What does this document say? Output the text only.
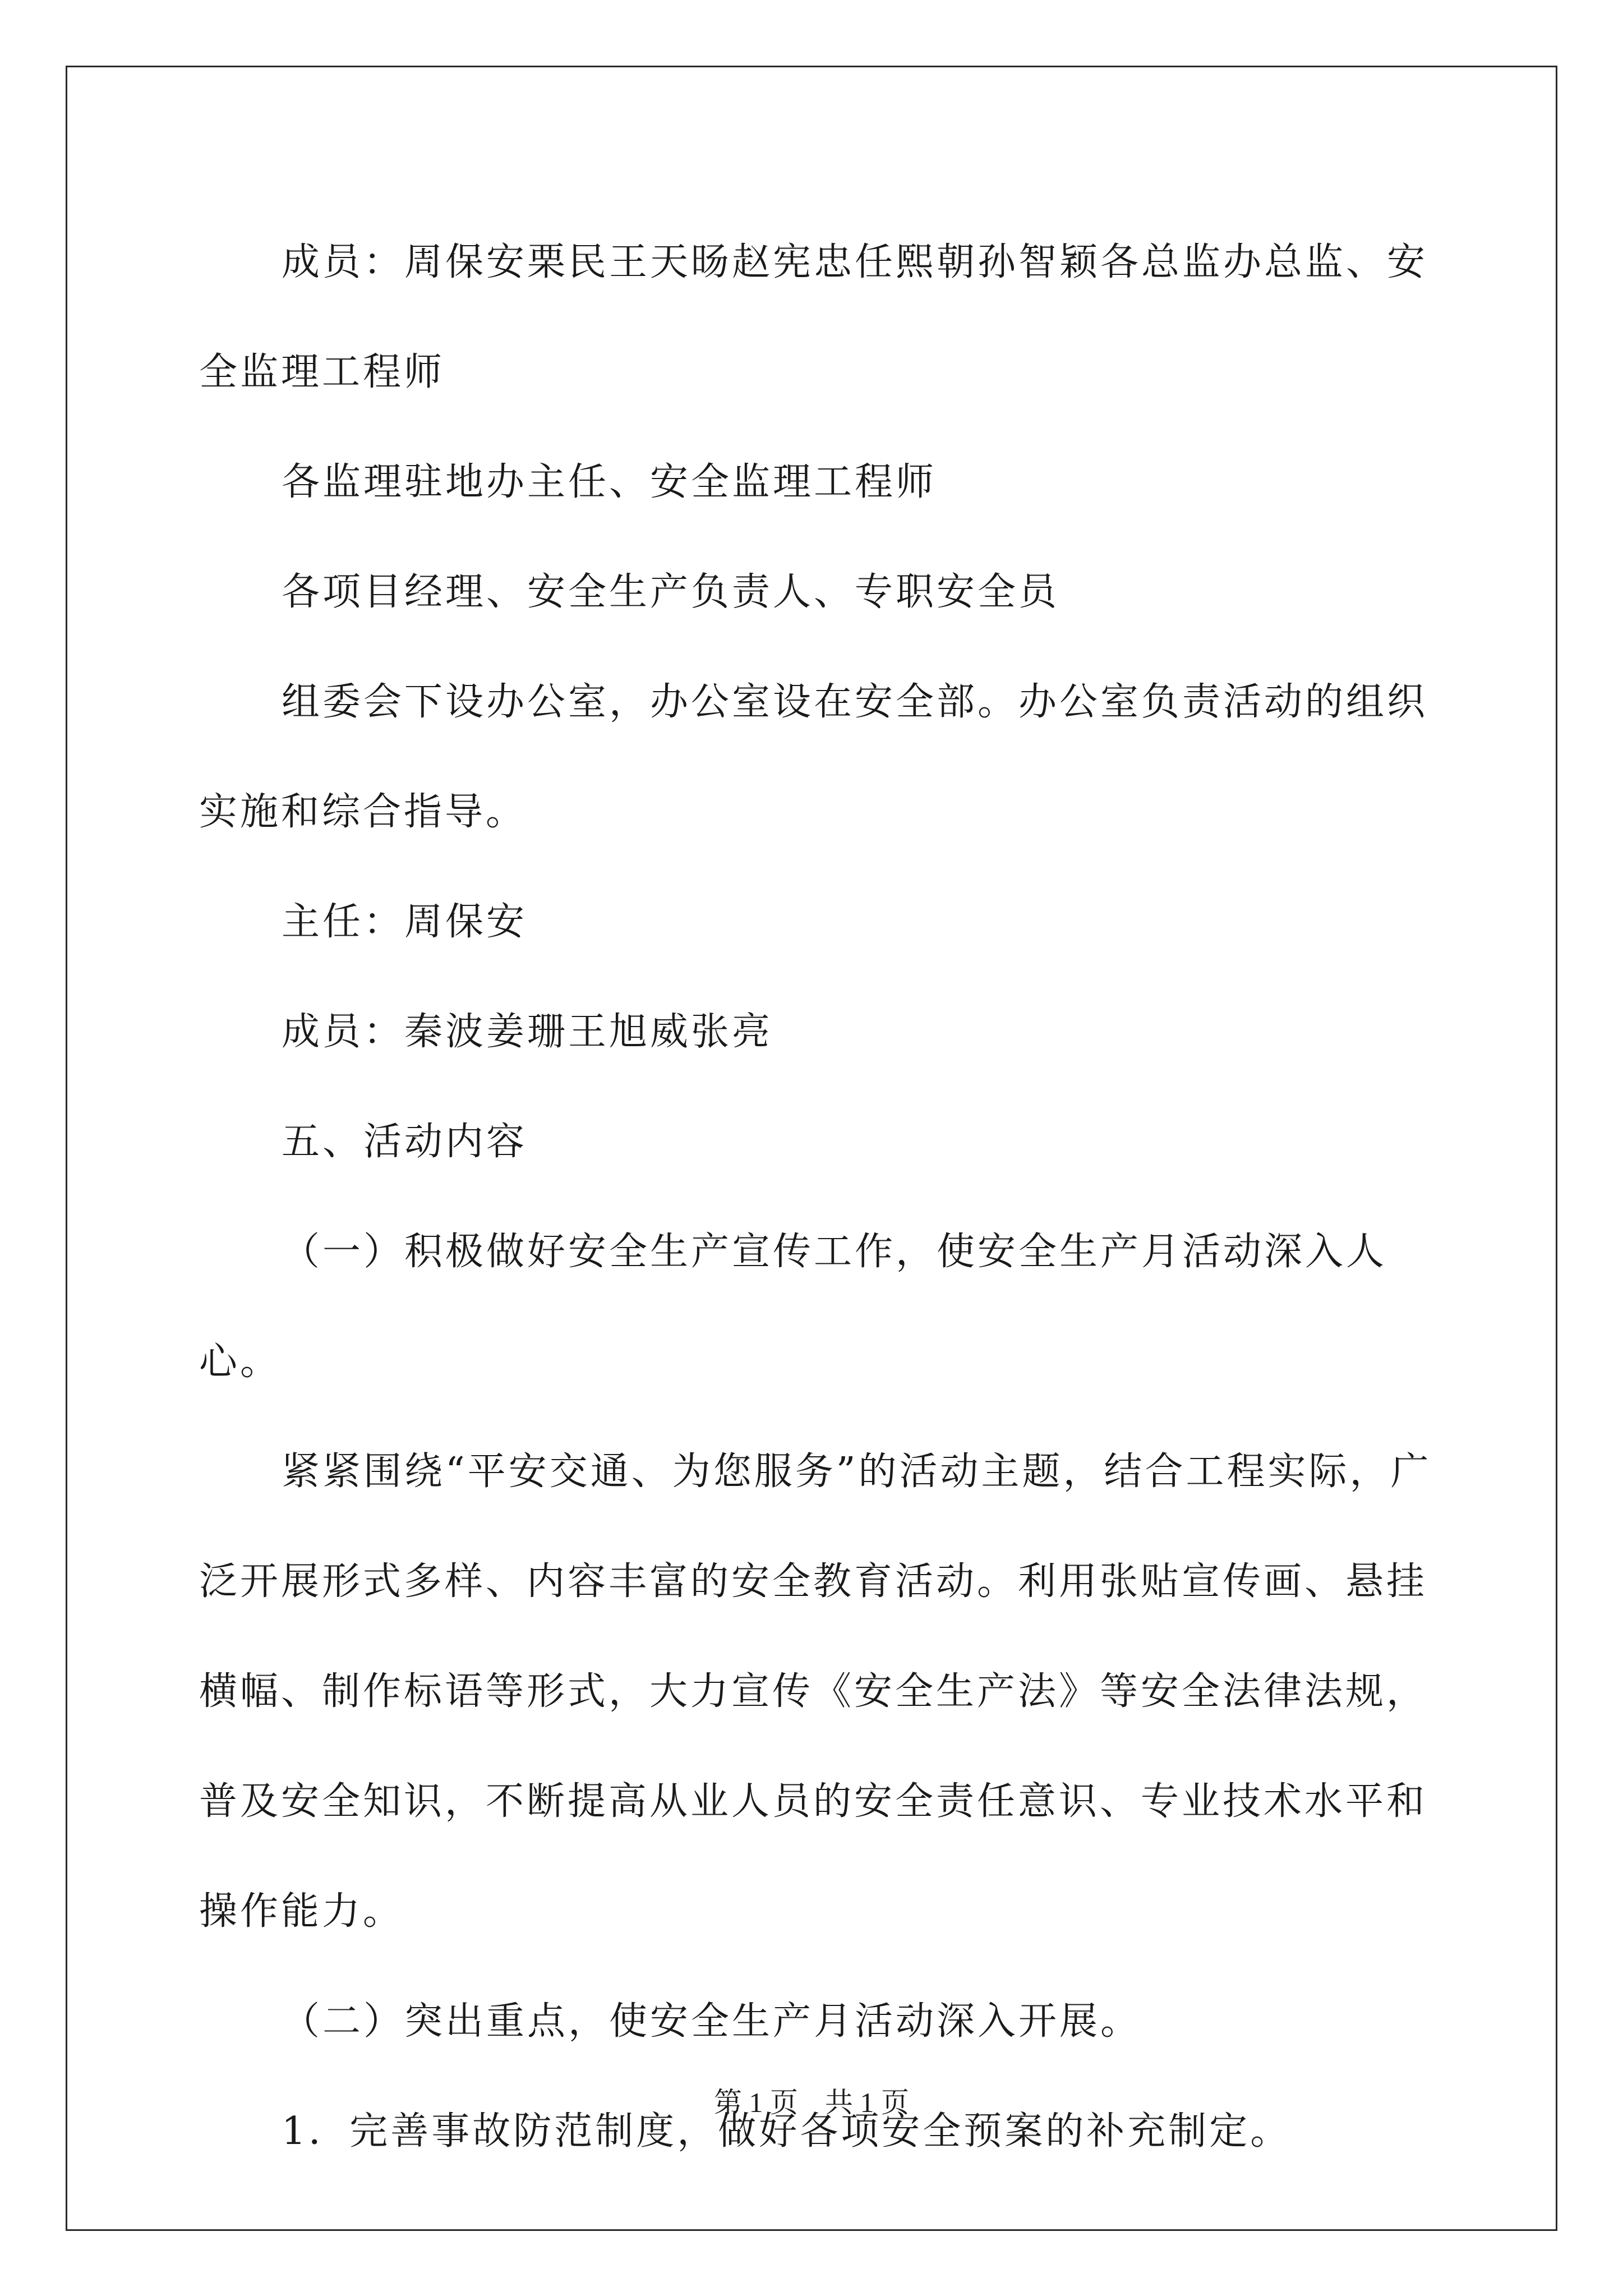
成员：周保安栗民王天旸赵宪忠任熙朝孙智颖各总监办总监、安全监理工程师

各监理驻地办主任、安全监理工程师

各项目经理、安全生产负责人、专职安全员

组委会下设办公室，办公室设在安全部。办公室负责活动的组织实施和综合指导。

主任：周保安

成员：秦波姜珊王旭威张亮

五、活动内容

（一）积极做好安全生产宣传工作，使安全生产月活动深入人心。

紧紧围绕“平安交通、为您服务”的活动主题，结合工程实际，广泛开展形式多样、内容丰富的安全教育活动。利用张贴宣传画、悬挂横幅、制作标语等形式，大力宣传《安全生产法》等安全法律法规，普及安全知识，不断提高从业人员的安全责任意识、专业技术水平和操作能力。

（二）突出重点，使安全生产月活动深入开展。

1．完善事故防范制度，做好各项安全预案的补充制定。

第 1 页 共 1 页
